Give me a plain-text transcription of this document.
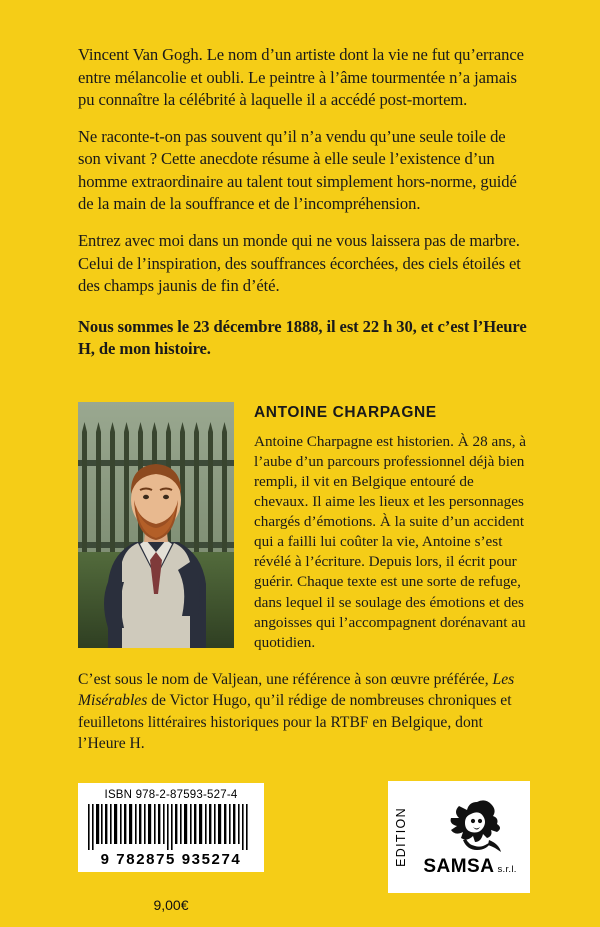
Vincent Van Gogh. Le nom d’un artiste dont la vie ne fut qu’errance entre mélancolie et oubli. Le peintre à l’âme tourmentée n’a jamais pu connaître la célébrité à laquelle il a accédé post-mortem.

Ne raconte-t-on pas souvent qu’il n’a vendu qu’une seule toile de son vivant ? Cette anecdote résume à elle seule l’existence d’un homme extraordinaire au talent tout simplement hors-norme, guidé de la main de la souffrance et de l’incompréhension.

Entrez avec moi dans un monde qui ne vous laissera pas de marbre. Celui de l’inspiration, des souffrances écorchées, des ciels étoilés et des champs jaunis de fin d’été.

Nous sommes le 23 décembre 1888, il est 22 h 30, et c’est l’Heure H, de mon histoire.

ANTOINE CHARPAGNE

Antoine Charpagne est historien. À 28 ans, à l’aube d’un parcours professionnel déjà bien rempli, il vit en Belgique entouré de chevaux. Il aime les lieux et les personnages chargés d’émotions. À la suite d’un accident qui a failli lui coûter la vie, Antoine s’est révélé à l’écriture. Depuis lors, il écrit pour guérir. Chaque texte est une sorte de refuge, dans lequel il se soulage des émotions et des angoisses qui l’accompagnent dorénavant au quotidien.

C’est sous le nom de Valjean, une référence à son œuvre préférée, Les Misérables de Victor Hugo, qu’il rédige de nombreuses chroniques et feuilletons littéraires historiques pour la RTBF en Belgique, dont l’Heure H.

ISBN 978-2-87593-527-4
9 782875 935274
9,00€
EDITION SAMSA s.r.l.
